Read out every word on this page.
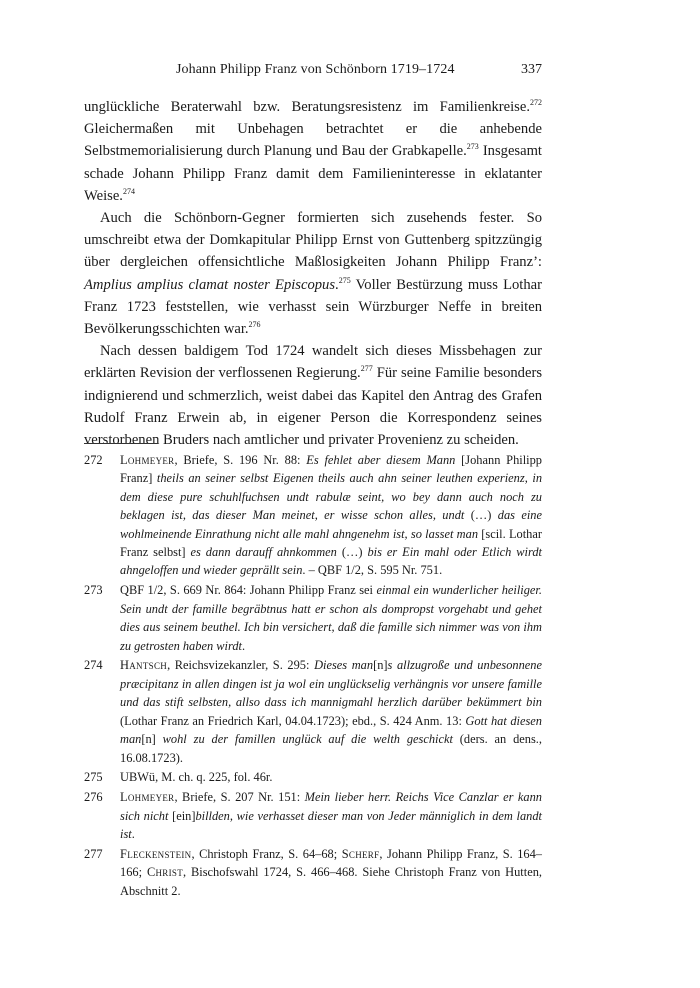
Johann Philipp Franz von Schönborn 1719–1724	337

unglückliche Beraterwahl bzw. Beratungsresistenz im Familienkreise.$^{272}$ Gleichermaßen mit Unbehagen betrachtet er die anhebende Selbstmemorialisierung durch Planung und Bau der Grabkapelle.$^{273}$ Insgesamt schade Johann Philipp Franz damit dem Familieninteresse in eklatanter Weise.$^{274}$

Auch die Schönborn-Gegner formierten sich zusehends fester. So umschreibt etwa der Domkapitular Philipp Ernst von Guttenberg spitzzüngig über dergleichen offensichtliche Maßlosigkeiten Johann Philipp Franz’: Amplius amplius clamat noster Episcopus.$^{275}$ Voller Bestürzung muss Lothar Franz 1723 feststellen, wie verhasst sein Würzburger Neffe in breiten Bevölkerungsschichten war.$^{276}$

Nach dessen baldigem Tod 1724 wandelt sich dieses Missbehagen zur erklärten Revision der verflossenen Regierung.$^{277}$ Für seine Familie besonders indignierend und schmerzlich, weist dabei das Kapitel den Antrag des Grafen Rudolf Franz Erwein ab, in eigener Person die Korrespondenz seines verstorbenen Bruders nach amtlicher und privater Provenienz zu scheiden.

272 Lohmeyer, Briefe, S. 196 Nr. 88: Es fehlet aber diesem Mann [Johann Philipp Franz] theils an seiner selbst Eigenen theils auch ahn seiner leuthen experienz, in dem diese pure schuhlfuchsen undt rabulæ seint, wo bey dann auch noch zu beklagen ist, das dieser Man meinet, er wisse schon alles, undt (…) das eine wohlmeinende Einrathung nicht alle mahl ahngenehm ist, so lasset man [scil. Lothar Franz selbst] es dann darauff ahnkommen (…) bis er Ein mahl oder Etlich wirdt ahngeloffen und wieder geprällt sein. – QBF 1/2, S. 595 Nr. 751.
273 QBF 1/2, S. 669 Nr. 864: Johann Philipp Franz sei einmal ein wunderlicher heiliger. Sein undt der famille begräbtnus hatt er schon als dompropst vorgehabt und gehet dies aus seinem beuthel. Ich bin versichert, daß die famille sich nimmer was von ihm zu getrosten haben wirdt.
274 Hantsch, Reichsvizekanzler, S. 295: Dieses man[n]s allzugroße und unbesonnene præcipitanz in allen dingen ist ja wol ein unglückselig verhängnis vor unsere famille und das stift selbsten, allso dass ich mannigmahl herzlich darüber bekümmert bin (Lothar Franz an Friedrich Karl, 04.04.1723); ebd., S. 424 Anm. 13: Gott hat diesen man[n] wohl zu der famillen unglück auf die welth geschickt (ders. an dens., 16.08.1723).
275 UBWü, M. ch. q. 225, fol. 46r.
276 Lohmeyer, Briefe, S. 207 Nr. 151: Mein lieber herr. Reichs Vice Canzlar er kann sich nicht [ein]billden, wie verhasset dieser man von Jeder männiglich in dem landt ist.
277 Fleckenstein, Christoph Franz, S. 64–68; Scherf, Johann Philipp Franz, S. 164–166; Christ, Bischofswahl 1724, S. 466–468. Siehe Christoph Franz von Hutten, Abschnitt 2.
